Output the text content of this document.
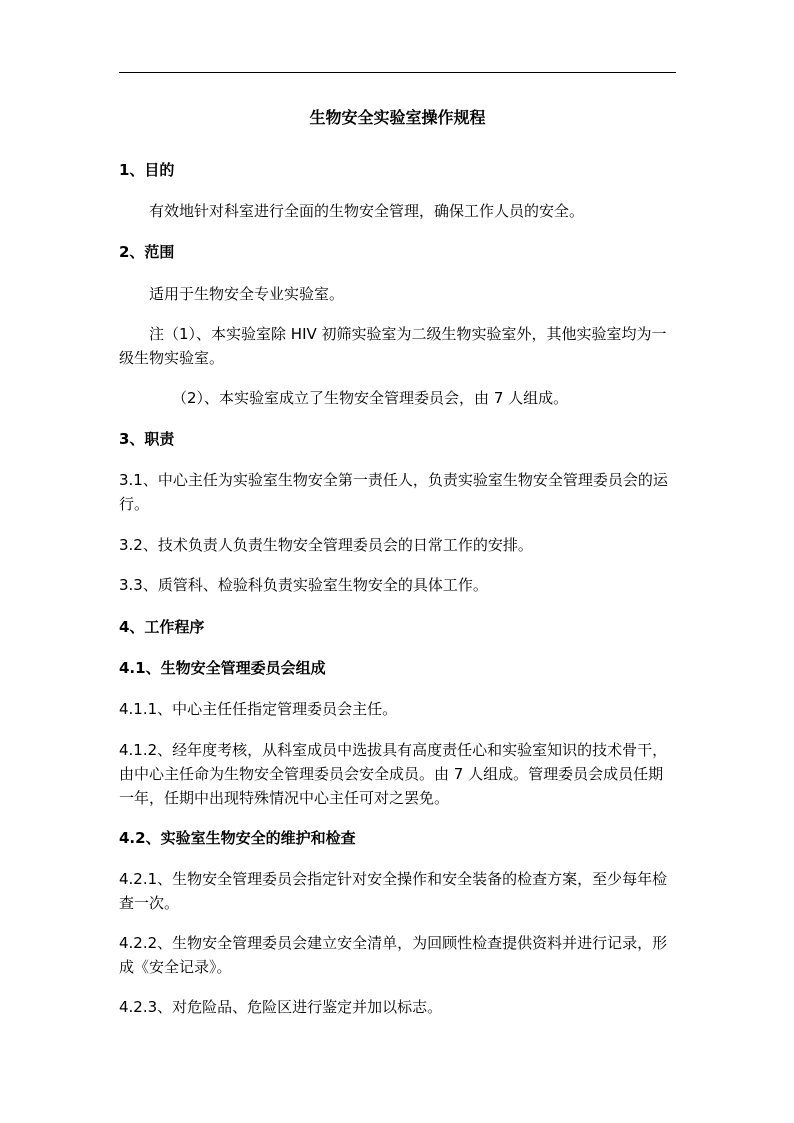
生物安全实验室操作规程
1、目的
有效地针对科室进行全面的生物安全管理，确保工作人员的安全。
2、范围
适用于生物安全专业实验室。
注（1）、本实验室除 HIV 初筛实验室为二级生物实验室外，其他实验室均为一级生物实验室。
（2）、本实验室成立了生物安全管理委员会，由 7 人组成。
3、职责
3.1、中心主任为实验室生物安全第一责任人，负责实验室生物安全管理委员会的运行。
3.2、技术负责人负责生物安全管理委员会的日常工作的安排。
3.3、质管科、检验科负责实验室生物安全的具体工作。
4、工作程序
4.1、生物安全管理委员会组成
4.1.1、中心主任任指定管理委员会主任。
4.1.2、经年度考核，从科室成员中选拔具有高度责任心和实验室知识的技术骨干，由中心主任命为生物安全管理委员会安全成员。由 7 人组成。管理委员会成员任期一年，任期中出现特殊情况中心主任可对之罢免。
4.2、实验室生物安全的维护和检查
4.2.1、生物安全管理委员会指定针对安全操作和安全装备的检查方案，至少每年检查一次。
4.2.2、生物安全管理委员会建立安全清单，为回顾性检查提供资料并进行记录，形成《安全记录》。
4.2.3、对危险品、危险区进行鉴定并加以标志。
